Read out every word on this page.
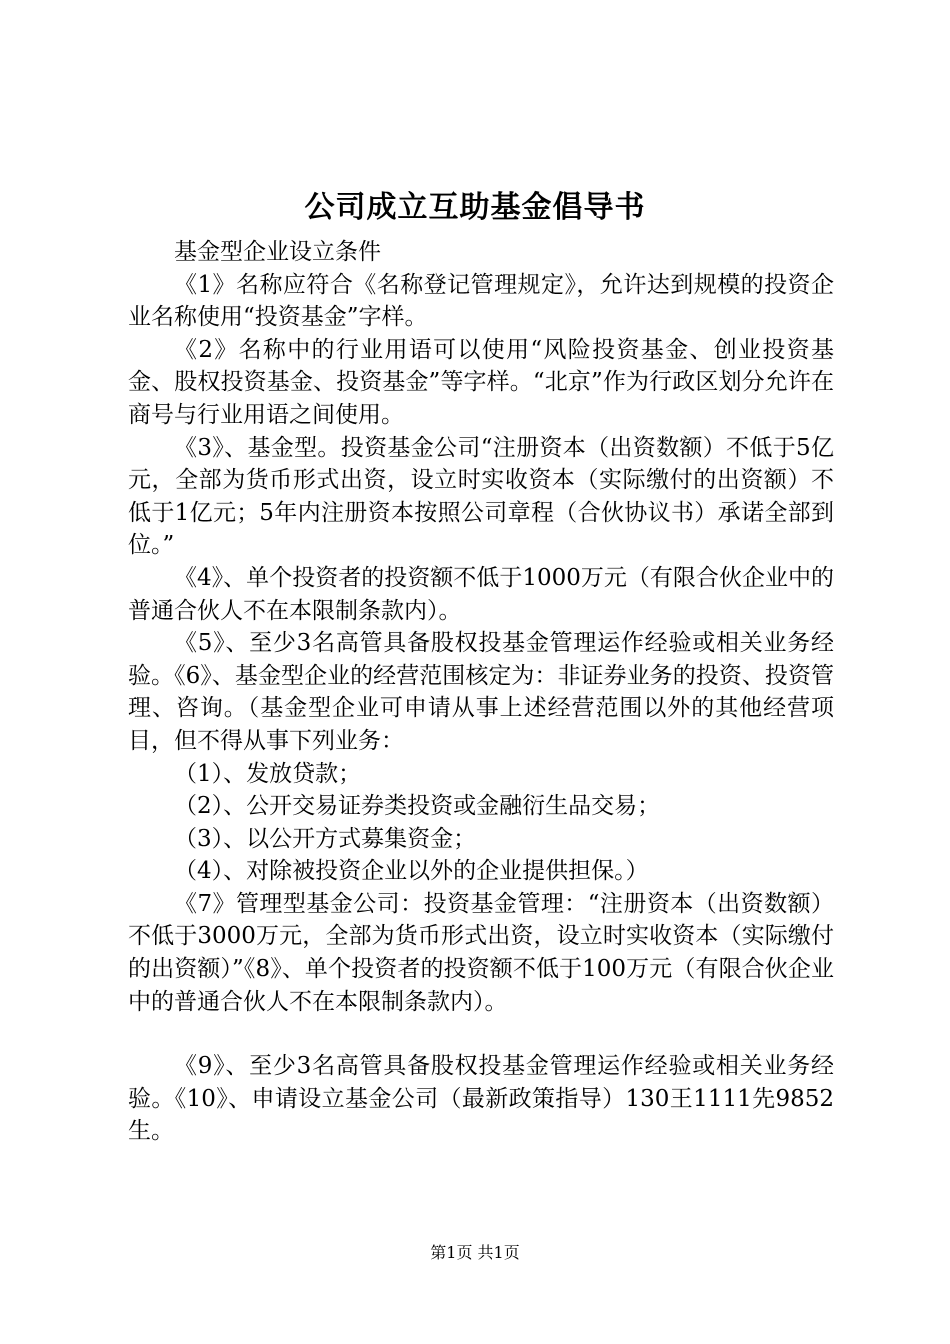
公司成立互助基金倡导书

基金型企业设立条件

《1》名称应符合《名称登记管理规定》，允许达到规模的投资企业名称使用“投资基金”字样。

《2》名称中的行业用语可以使用“风险投资基金、创业投资基金、股权投资基金、投资基金”等字样。“北京”作为行政区划分允许在商号与行业用语之间使用。

《3》、基金型。投资基金公司“注册资本（出资数额）不低于5亿元，全部为货币形式出资，设立时实收资本（实际缴付的出资额）不低于1亿元；5年内注册资本按照公司章程（合伙协议书）承诺全部到位。”

《4》、单个投资者的投资额不低于1000万元（有限合伙企业中的普通合伙人不在本限制条款内）。

《5》、至少3名高管具备股权投基金管理运作经验或相关业务经验。《6》、基金型企业的经营范围核定为：非证券业务的投资、投资管理、咨询。（基金型企业可申请从事上述经营范围以外的其他经营项目，但不得从事下列业务：

（1）、发放贷款；

（2）、公开交易证券类投资或金融衍生品交易；

（3）、以公开方式募集资金；

（4）、对除被投资企业以外的企业提供担保。）

《7》管理型基金公司：投资基金管理：“注册资本（出资数额）不低于3000万元，全部为货币形式出资，设立时实收资本（实际缴付的出资额）”《8》、单个投资者的投资额不低于100万元（有限合伙企业中的普通合伙人不在本限制条款内）。

《9》、至少3名高管具备股权投基金管理运作经验或相关业务经验。《10》、申请设立基金公司（最新政策指导）130王1111先9852生。

第1页 共1页
